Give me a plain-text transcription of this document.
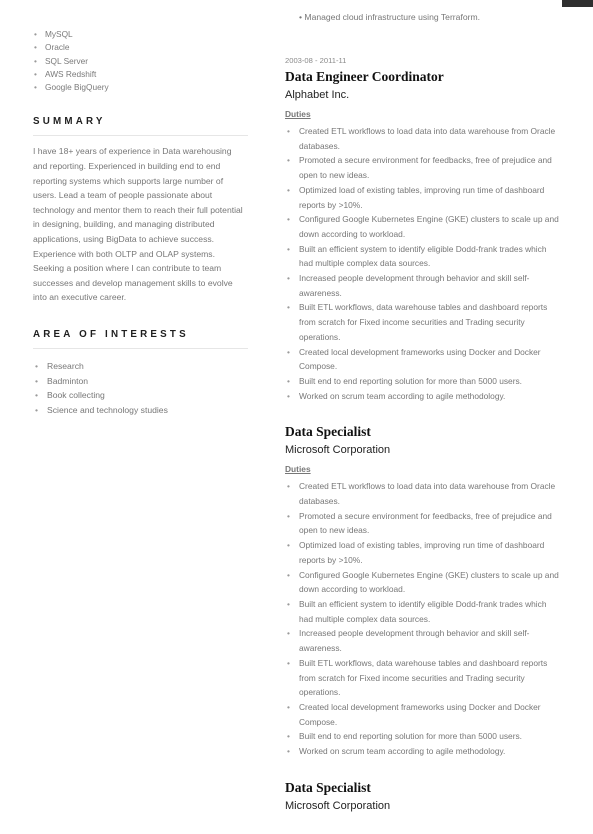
• MySQL
• Oracle
• SQL Server
• AWS Redshift
• Google BigQuery
SUMMARY
I have 18+ years of experience in Data warehousing and reporting. Experienced in building end to end reporting systems which supports large number of users. Lead a team of people passionate about technology and mentor them to reach their full potential in designing, building, and managing distributed applications, using BigData to achieve success. Experience with both OLTP and OLAP systems. Seeking a position where I can contribute to team successes and develop management skills to evolve into an executive career.
AREA OF INTERESTS
• Research
• Badminton
• Book collecting
• Science and technology studies
• Managed cloud infrastructure using Terraform.
2003-08 - 2011-11
Data Engineer Coordinator
Alphabet Inc.
Duties
• Created ETL workflows to load data into data warehouse from Oracle databases.
• Promoted a secure environment for feedbacks, free of prejudice and open to new ideas.
• Optimized load of existing tables, improving run time of dashboard reports by >10%.
• Configured Google Kubernetes Engine (GKE) clusters to scale up and down according to workload.
• Built an efficient system to identify eligible Dodd-frank trades which had multiple complex data sources.
• Increased people development through behavior and skill self-awareness.
• Built ETL workflows, data warehouse tables and dashboard reports from scratch for Fixed income securities and Trading security operations.
• Created local development frameworks using Docker and Docker Compose.
• Built end to end reporting solution for more than 5000 users.
• Worked on scrum team according to agile methodology.
Data Specialist
Microsoft Corporation
Duties
• Created ETL workflows to load data into data warehouse from Oracle databases.
• Promoted a secure environment for feedbacks, free of prejudice and open to new ideas.
• Optimized load of existing tables, improving run time of dashboard reports by >10%.
• Configured Google Kubernetes Engine (GKE) clusters to scale up and down according to workload.
• Built an efficient system to identify eligible Dodd-frank trades which had multiple complex data sources.
• Increased people development through behavior and skill self-awareness.
• Built ETL workflows, data warehouse tables and dashboard reports from scratch for Fixed income securities and Trading security operations.
• Created local development frameworks using Docker and Docker Compose.
• Built end to end reporting solution for more than 5000 users.
• Worked on scrum team according to agile methodology.
Data Specialist
Microsoft Corporation
